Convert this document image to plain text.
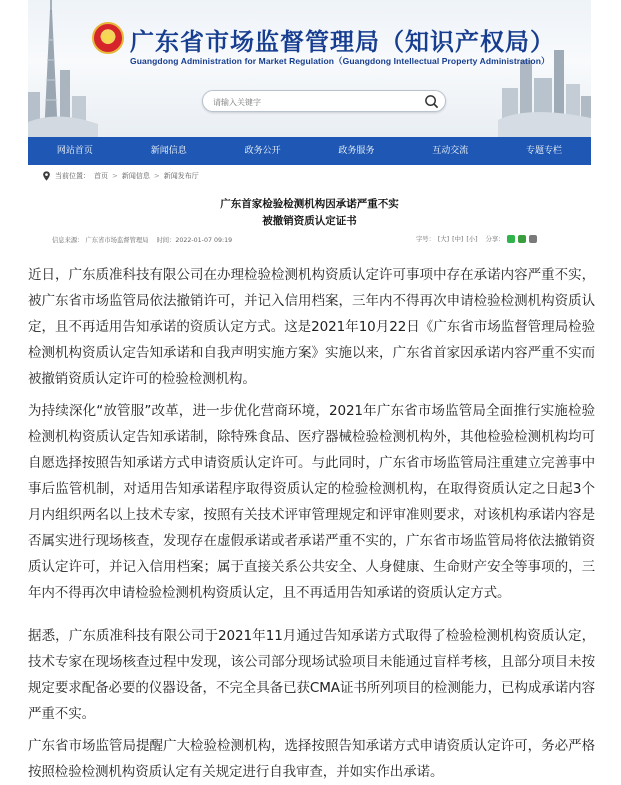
★
广东省市场监督管理局（知识产权局）
Guangdong Administration for Market Regulation（Guangdong Intellectual Property Administration）
请输入关键字
网站首页	新闻信息	政务公开	政务服务	互动交流	专题专栏
当前位置： 首页 > 新闻信息 > 新闻发布厅
广东首家检验检测机构因承诺严重不实
被撤销资质认定证书
信息来源： 广东省市场监督管理局 时间：2022-01-07 09:19	字号： [大] [中] [小]
分享：
近日，广东质准科技有限公司在办理检验检测机构资质认定许可事项中存在承诺内容严重不实，被广东省市场监管局依法撤销许可，并记入信用档案，三年内不得再次申请检验检测机构资质认定，且不再适用告知承诺的资质认定方式。这是2021年10月22日《广东省市场监督管理局检验检测机构资质认定告知承诺和自我声明实施方案》实施以来，广东省首家因承诺内容严重不实而被撤销资质认定许可的检验检测机构。
为持续深化“放管服”改革，进一步优化营商环境，2021年广东省市场监管局全面推行实施检验检测机构资质认定告知承诺制，除特殊食品、医疗器械检验检测机构外，其他检验检测机构均可自愿选择按照告知承诺方式申请资质认定许可。与此同时，广东省市场监管局注重建立完善事中事后监管机制，对适用告知承诺程序取得资质认定的检验检测机构，在取得资质认定之日起3个月内组织两名以上技术专家，按照有关技术评审管理规定和评审准则要求，对该机构承诺内容是否属实进行现场核查，发现存在虚假承诺或者承诺严重不实的，广东省市场监管局将依法撤销资质认定许可，并记入信用档案；属于直接关系公共安全、人身健康、生命财产安全等事项的，三年内不得再次申请检验检测机构资质认定，且不再适用告知承诺的资质认定方式。
据悉，广东质准科技有限公司于2021年11月通过告知承诺方式取得了检验检测机构资质认定，技术专家在现场核查过程中发现，该公司部分现场试验项目未能通过盲样考核，且部分项目未按规定要求配备必要的仪器设备，不完全具备已获CMA证书所列项目的检测能力，已构成承诺内容严重不实。
广东省市场监管局提醒广大检验检测机构，选择按照告知承诺方式申请资质认定许可，务必严格按照检验检测机构资质认定有关规定进行自我审查，并如实作出承诺。
